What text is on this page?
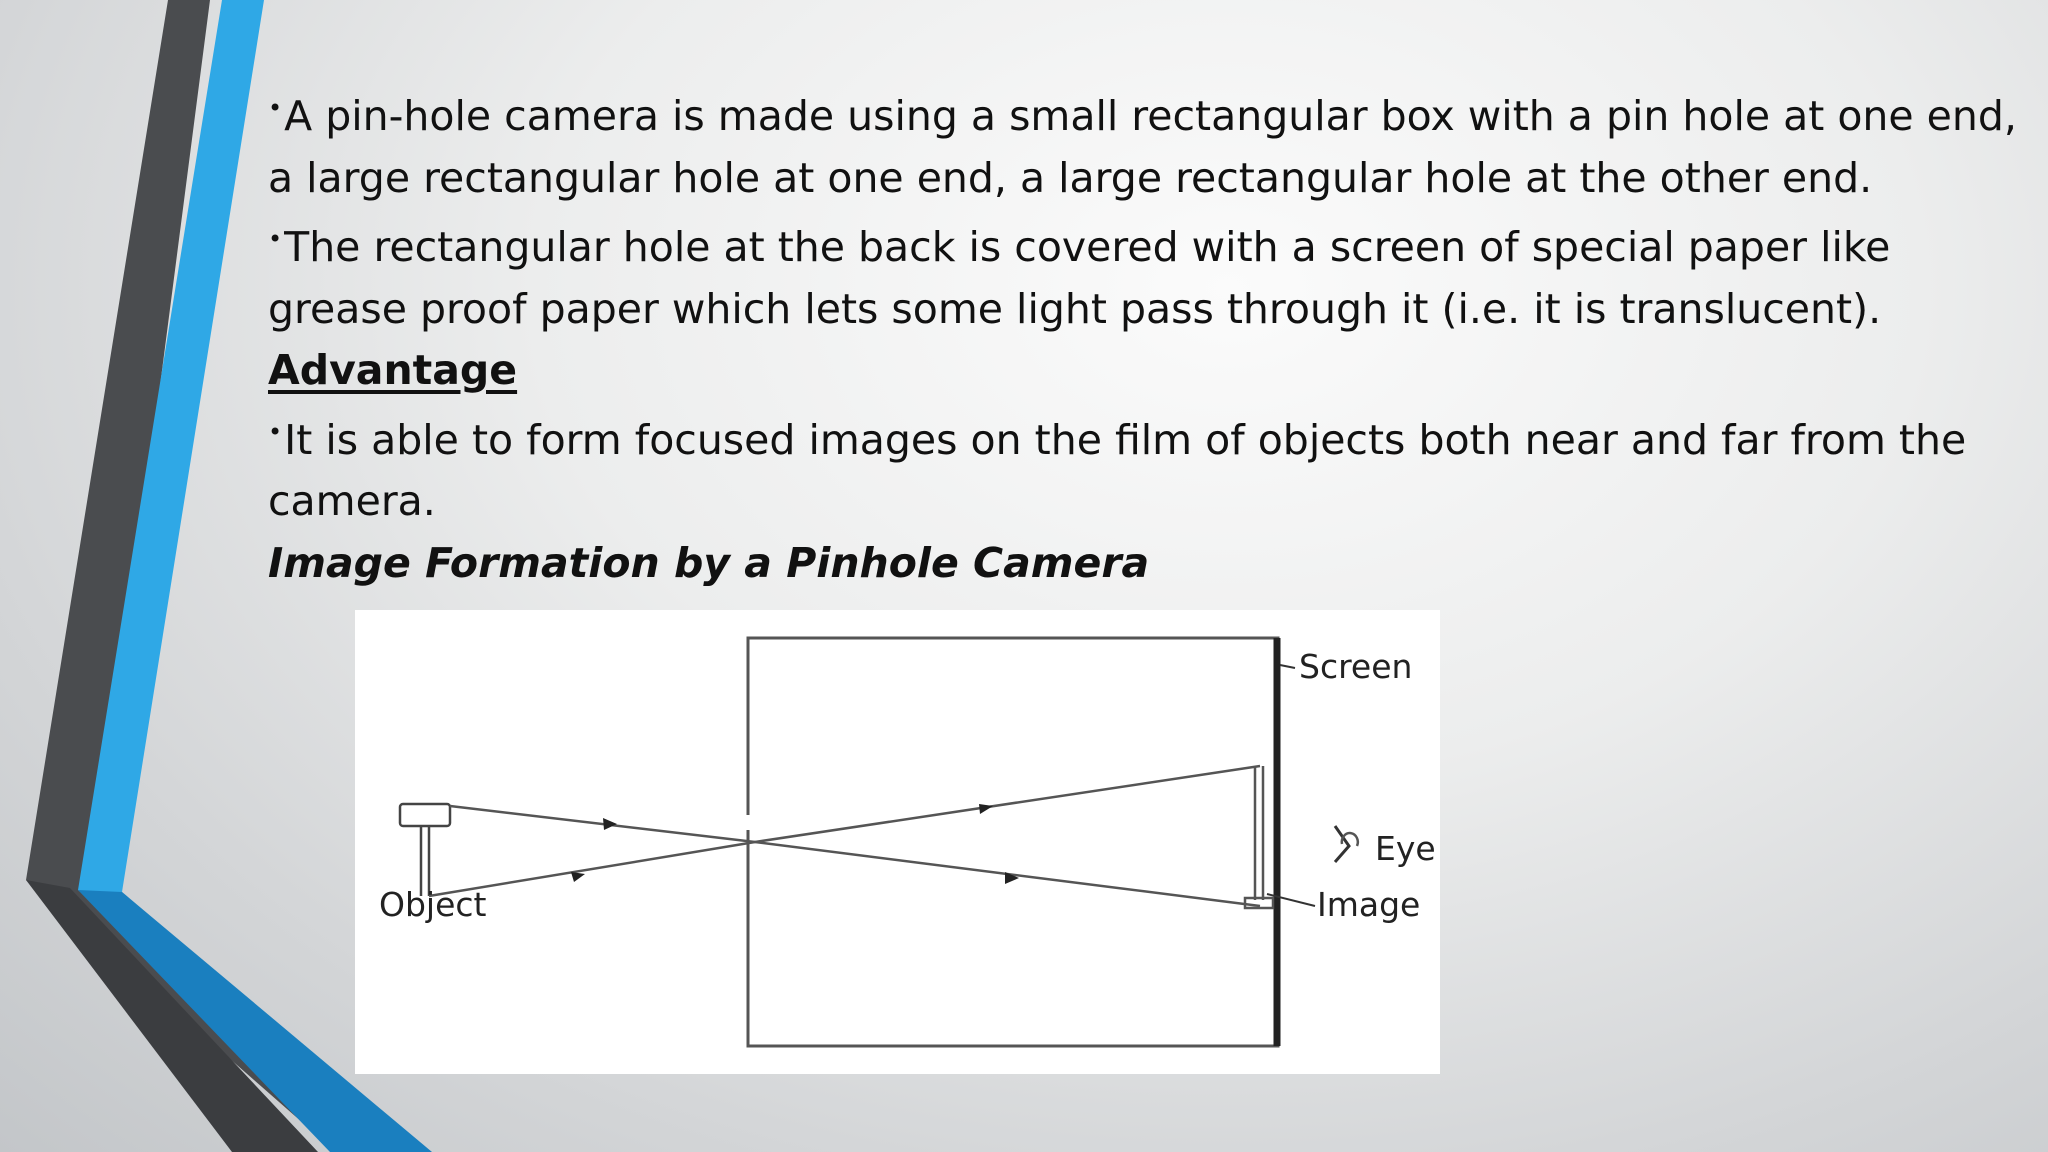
•A pin-hole camera is made using a small rectangular box with a pin hole at one end, a large rectangular hole at one end, a large rectangular hole at the other end.

•The rectangular hole at the back is covered with a screen of special paper like grease proof paper which lets some light pass through it (i.e. it is translucent).

Advantage

•It is able to form focused images on the film of objects both near and far from the camera.

Image Formation by a Pinhole Camera

Screen
Eye
Image
Object
